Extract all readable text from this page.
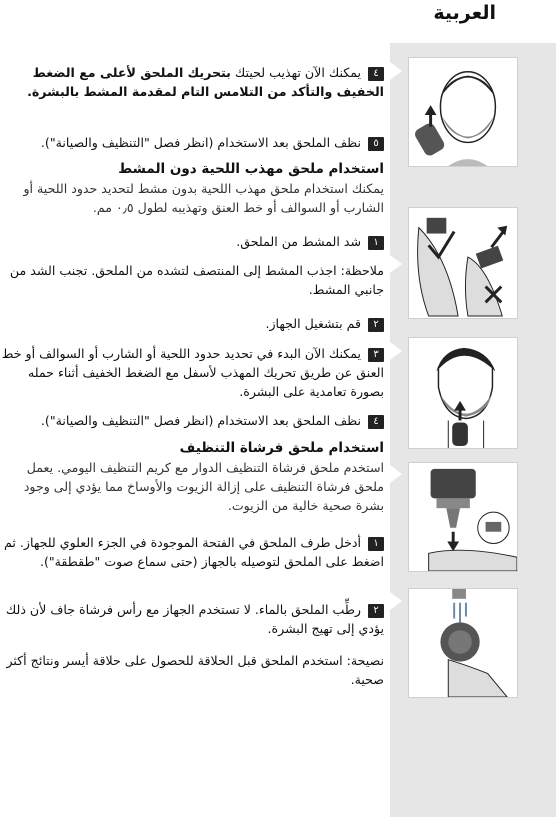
العربية

٤يمكنك الآن تهذيب لحيتك بتحريك الملحق لأعلى مع الضغط الخفيف والتأكد من التلامس التام لمقدمة المشط بالبشرة.

٥نظف الملحق بعد الاستخدام (انظر فصل "التنظيف والصيانة").

استخدام ملحق مهذب اللحية دون المشط

يمكنك استخدام ملحق مهذب اللحية بدون مشط لتحديد حدود اللحية أو الشارب أو السوالف أو خط العنق وتهذيبه لطول ٠٫٥ مم.

١شد المشط من الملحق.

ملاحظة: اجذب المشط إلى المنتصف لتشده من الملحق. تجنب الشد من جانبي المشط.

٢قم بتشغيل الجهاز.

٣يمكنك الآن البدء في تحديد حدود اللحية أو الشارب أو السوالف أو خط العنق عن طريق تحريك المهذب لأسفل مع الضغط الخفيف أثناء حمله بصورة تعامدية على البشرة.

٤نظف الملحق بعد الاستخدام (انظر فصل "التنظيف والصيانة").

استخدام ملحق فرشاة التنظيف

استخدم ملحق فرشاة التنظيف الدوار مع كريم التنظيف اليومي. يعمل ملحق فرشاة التنظيف على إزالة الزيوت والأوساخ مما يؤدي إلى وجود بشرة صحية خالية من الزيوت.

١أدخل طرف الملحق في الفتحة الموجودة في الجزء العلوي للجهاز. ثم اضغط على الملحق لتوصيله بالجهاز (حتى سماع صوت "طقطقة").

٢رطِّب الملحق بالماء. لا تستخدم الجهاز مع رأس فرشاة جاف لأن ذلك يؤدي إلى تهيج البشرة.

نصيحة: استخدم الملحق قبل الحلاقة للحصول على حلاقة أيسر ونتائج أكثر صحية.
